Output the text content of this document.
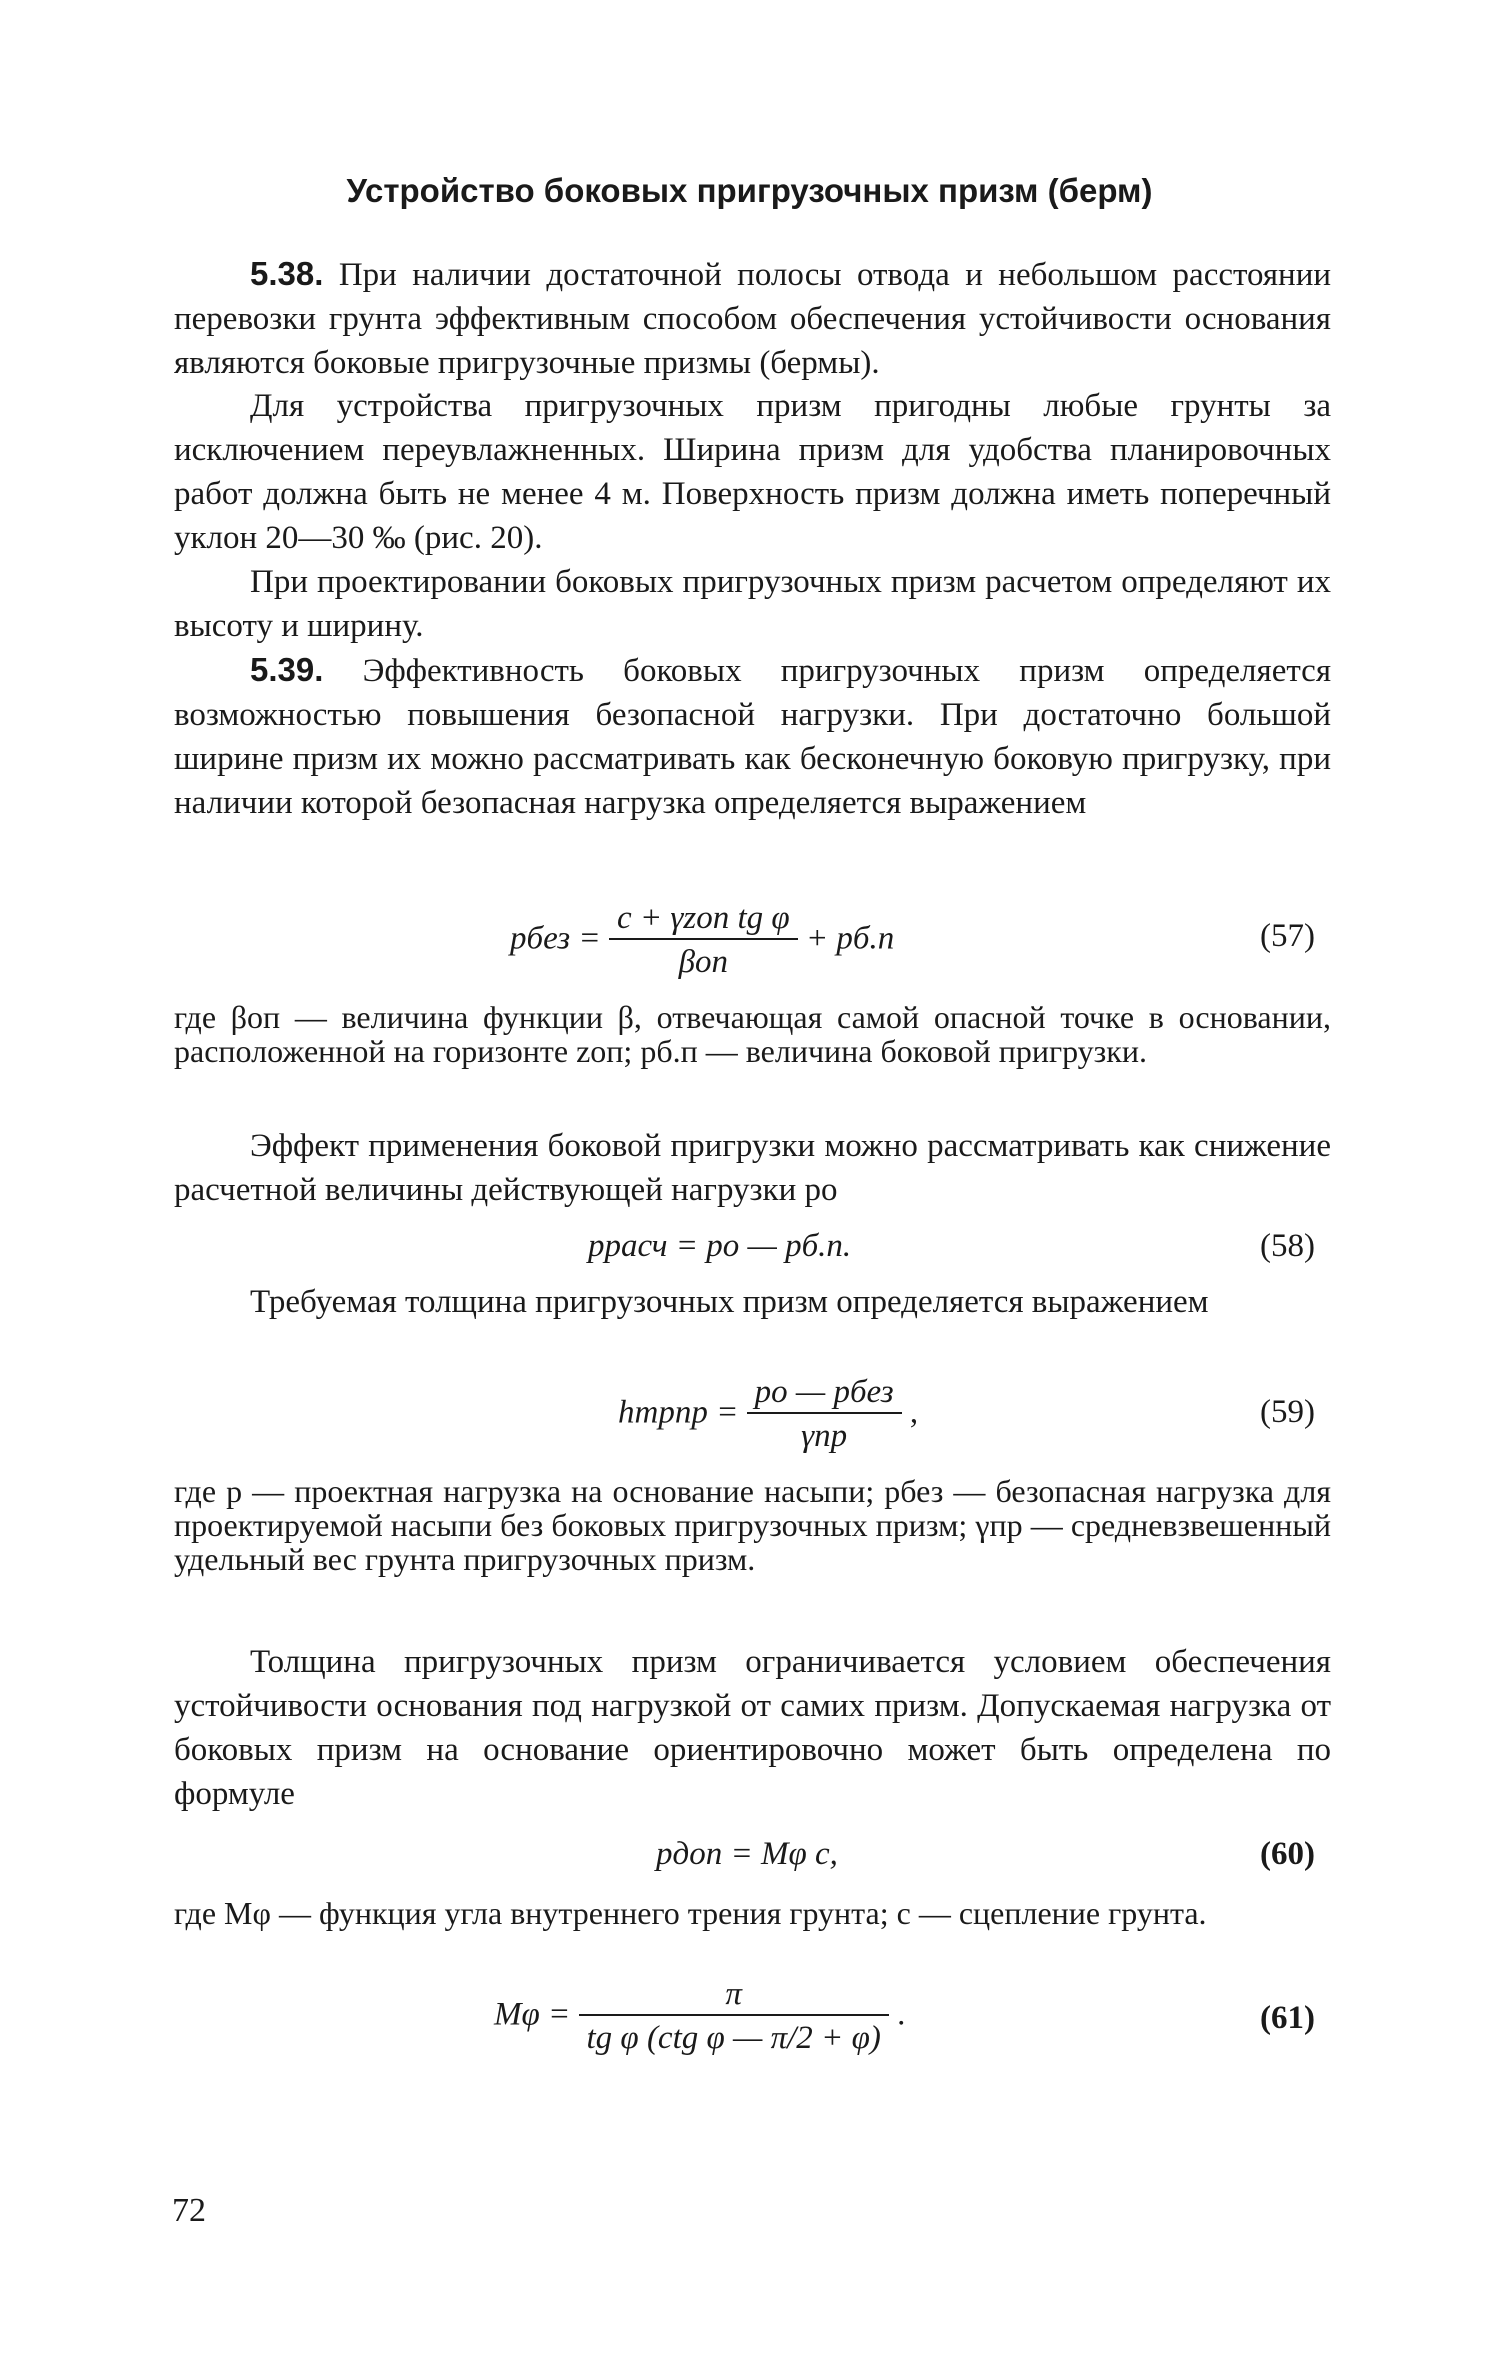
Устройство боковых пригрузочных призм (берм)
5.38. При наличии достаточной полосы отвода и небольшом расстоянии перевозки грунта эффективным способом обеспечения устойчивости основания являются боковые пригрузочные призмы (бермы).
Для устройства пригрузочных призм пригодны любые грунты за исключением переувлажненных. Ширина призм для удобства планировочных работ должна быть не менее 4 м. Поверхность призм должна иметь поперечный уклон 20—30 ‰ (рис. 20).
При проектировании боковых пригрузочных призм расчетом определяют их высоту и ширину.
5.39. Эффективность боковых пригрузочных призм определяется возможностью повышения безопасной нагрузки. При достаточно большой ширине призм их можно рассматривать как бесконечную боковую пригрузку, при наличии которой безопасная нагрузка определяется выражением
pбез = $\frac{\text{c + γzоп tg φ}}{\text{βоп}} + pб.п$	(57)
где βоп — величина функции β, отвечающая самой опасной точке в основании, расположенной на горизонте zоп; pб.п — величина боковой пригрузки.
Эффект применения боковой пригрузки можно рассматривать как снижение расчетной величины действующей нагрузки pо
pрасч = pо — pб.п.	(58)
Требуемая толщина пригрузочных призм определяется выражением
hтрпр = $\frac{\text{pо — pбез}}{\text{γпр}}$ ,	(59)
где p — проектная нагрузка на основание насыпи; pбез — безопасная нагрузка для проектируемой насыпи без боковых пригрузочных призм; γпр — средневзвешенный удельный вес грунта пригрузочных призм.
Толщина пригрузочных призм ограничивается условием обеспечения устойчивости основания под нагрузкой от самих призм. Допускаемая нагрузка от боковых призм на основание ориентировочно может быть определена по формуле
pдоп = Mφ c,	(60)
где Mφ — функция угла внутреннего трения грунта; c — сцепление грунта.
$M\varphi = \frac{\pi}{\text{tg φ (ctg φ — π/2 + φ)}}$ .	(61)
72
